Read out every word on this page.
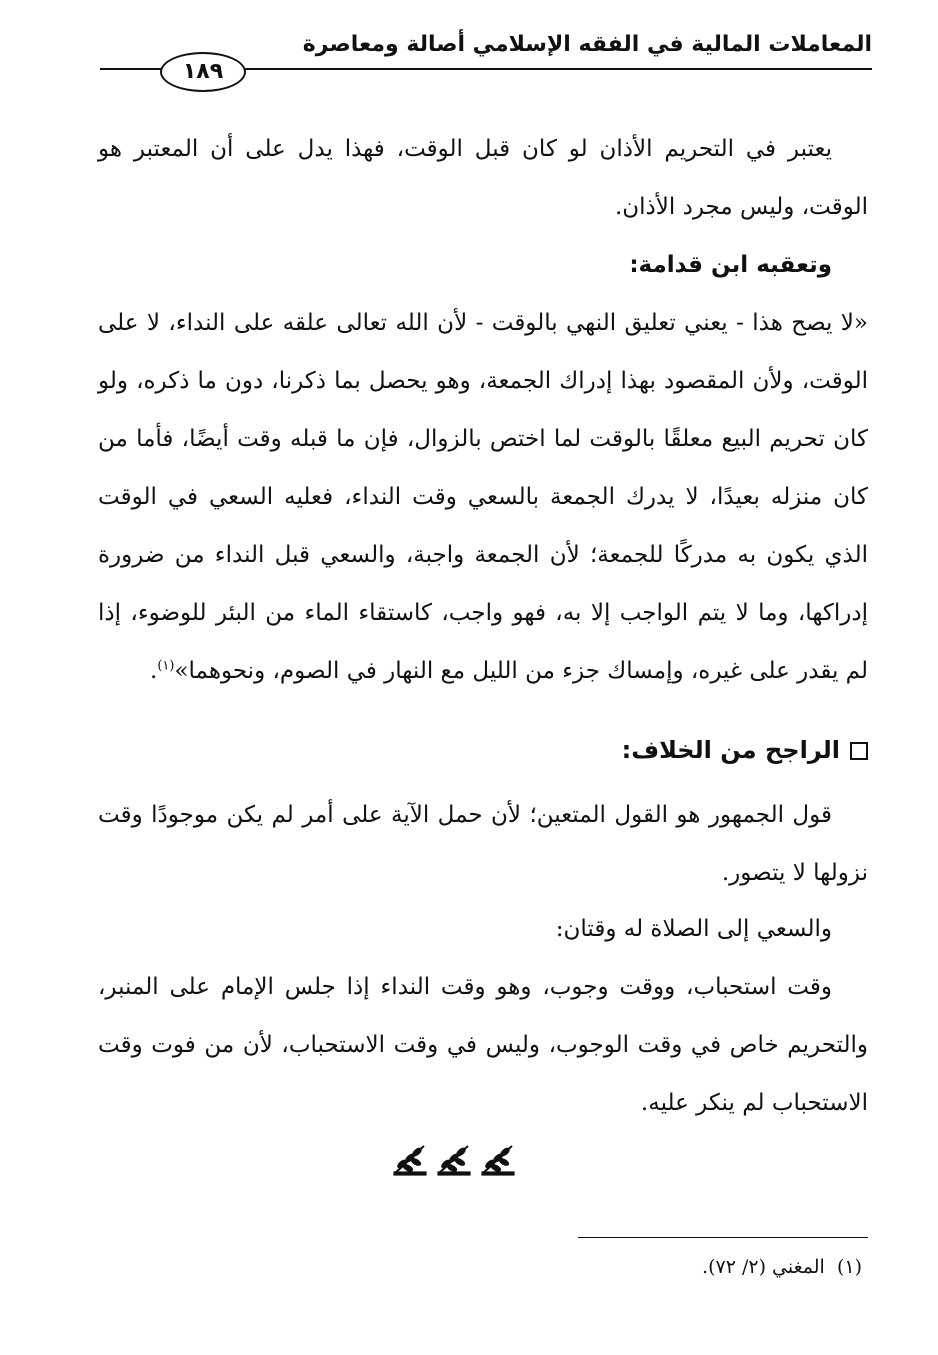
المعاملات المالية في الفقه الإسلامي أصالة ومعاصرة
١٨٩
يعتبر في التحريم الأذان لو كان قبل الوقت، فهذا يدل على أن المعتبر هو الوقت، وليس مجرد الأذان.
وتعقبه ابن قدامة:
«لا يصح هذا - يعني تعليق النهي بالوقت - لأن الله تعالى علقه على النداء، لا على الوقت، ولأن المقصود بهذا إدراك الجمعة، وهو يحصل بما ذكرنا، دون ما ذكره، ولو كان تحريم البيع معلقًا بالوقت لما اختص بالزوال، فإن ما قبله وقت أيضًا، فأما من كان منزله بعيدًا، لا يدرك الجمعة بالسعي وقت النداء، فعليه السعي في الوقت الذي يكون به مدركًا للجمعة؛ لأن الجمعة واجبة، والسعي قبل النداء من ضرورة إدراكها، وما لا يتم الواجب إلا به، فهو واجب، كاستقاء الماء من البئر للوضوء، إذا لم يقدر على غيره، وإمساك جزء من الليل مع النهار في الصوم، ونحوهما»$^{(١)}$.
الراجح من الخلاف:
قول الجمهور هو القول المتعين؛ لأن حمل الآية على أمر لم يكن موجودًا وقت نزولها لا يتصور.
والسعي إلى الصلاة له وقتان:
وقت استحباب، ووقت وجوب، وهو وقت النداء إذا جلس الإمام على المنبر، والتحريم خاص في وقت الوجوب، وليس في وقت الاستحباب، لأن من فوت وقت الاستحباب لم ينكر عليه.
(١)  المغني (٢/ ٧٢).
